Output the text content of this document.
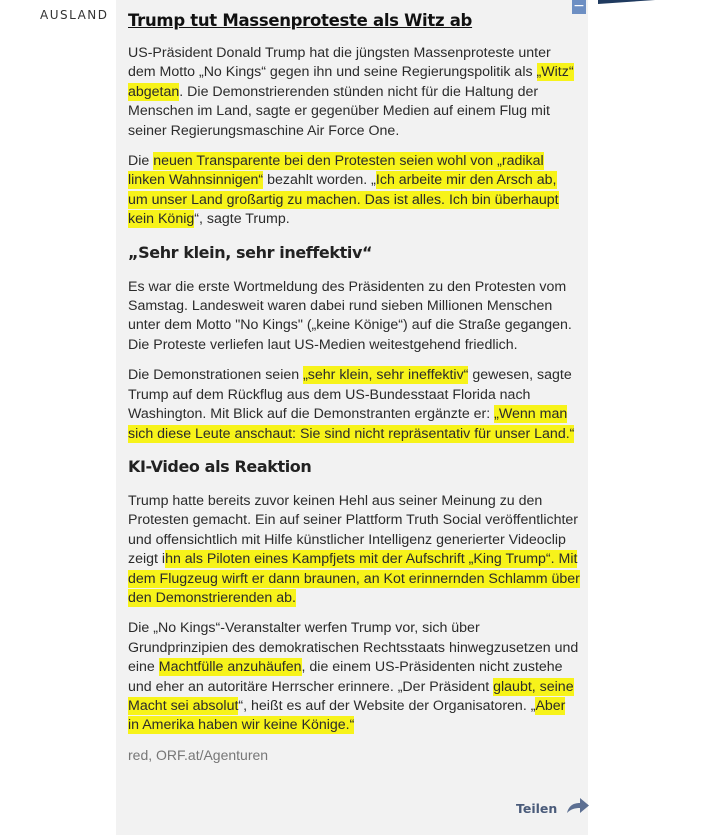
AUSLAND
−
Trump tut Massenproteste als Witz ab

US-Präsident Donald Trump hat die jüngsten Massenproteste unter dem Motto „No Kings“ gegen ihn und seine Regierungspolitik als „Witz“ abgetan. Die Demonstrierenden stünden nicht für die Haltung der Menschen im Land, sagte er gegenüber Medien auf einem Flug mit seiner Regierungsmaschine Air Force One.

Die neuen Transparente bei den Protesten seien wohl von „radikal linken Wahnsinnigen“ bezahlt worden. „Ich arbeite mir den Arsch ab, um unser Land großartig zu machen. Das ist alles. Ich bin überhaupt kein König“, sagte Trump.

„Sehr klein, sehr ineffektiv“

Es war die erste Wortmeldung des Präsidenten zu den Protesten vom Samstag. Landesweit waren dabei rund sieben Millionen Menschen unter dem Motto "No Kings" („keine Könige“) auf die Straße gegangen. Die Proteste verliefen laut US-Medien weitestgehend friedlich.

Die Demonstrationen seien „sehr klein, sehr ineffektiv“ gewesen, sagte Trump auf dem Rückflug aus dem US-Bundesstaat Florida nach Washington. Mit Blick auf die Demonstranten ergänzte er: „Wenn man sich diese Leute anschaut: Sie sind nicht repräsentativ für unser Land.“

KI-Video als Reaktion

Trump hatte bereits zuvor keinen Hehl aus seiner Meinung zu den Protesten gemacht. Ein auf seiner Plattform Truth Social veröffentlichter und offensichtlich mit Hilfe künstlicher Intelligenz generierter Videoclip zeigt ihn als Piloten eines Kampfjets mit der Aufschrift „King Trump“. Mit dem Flugzeug wirft er dann braunen, an Kot erinnernden Schlamm über den Demonstrierenden ab.

Die „No Kings“-Veranstalter werfen Trump vor, sich über Grundprinzipien des demokratischen Rechtsstaats hinwegzusetzen und eine Machtfülle anzuhäufen, die einem US-Präsidenten nicht zustehe und eher an autoritäre Herrscher erinnere. „Der Präsident glaubt, seine Macht sei absolut“, heißt es auf der Website der Organisatoren. „Aber in Amerika haben wir keine Könige.“

red, ORF.at/Agenturen
Teilen
